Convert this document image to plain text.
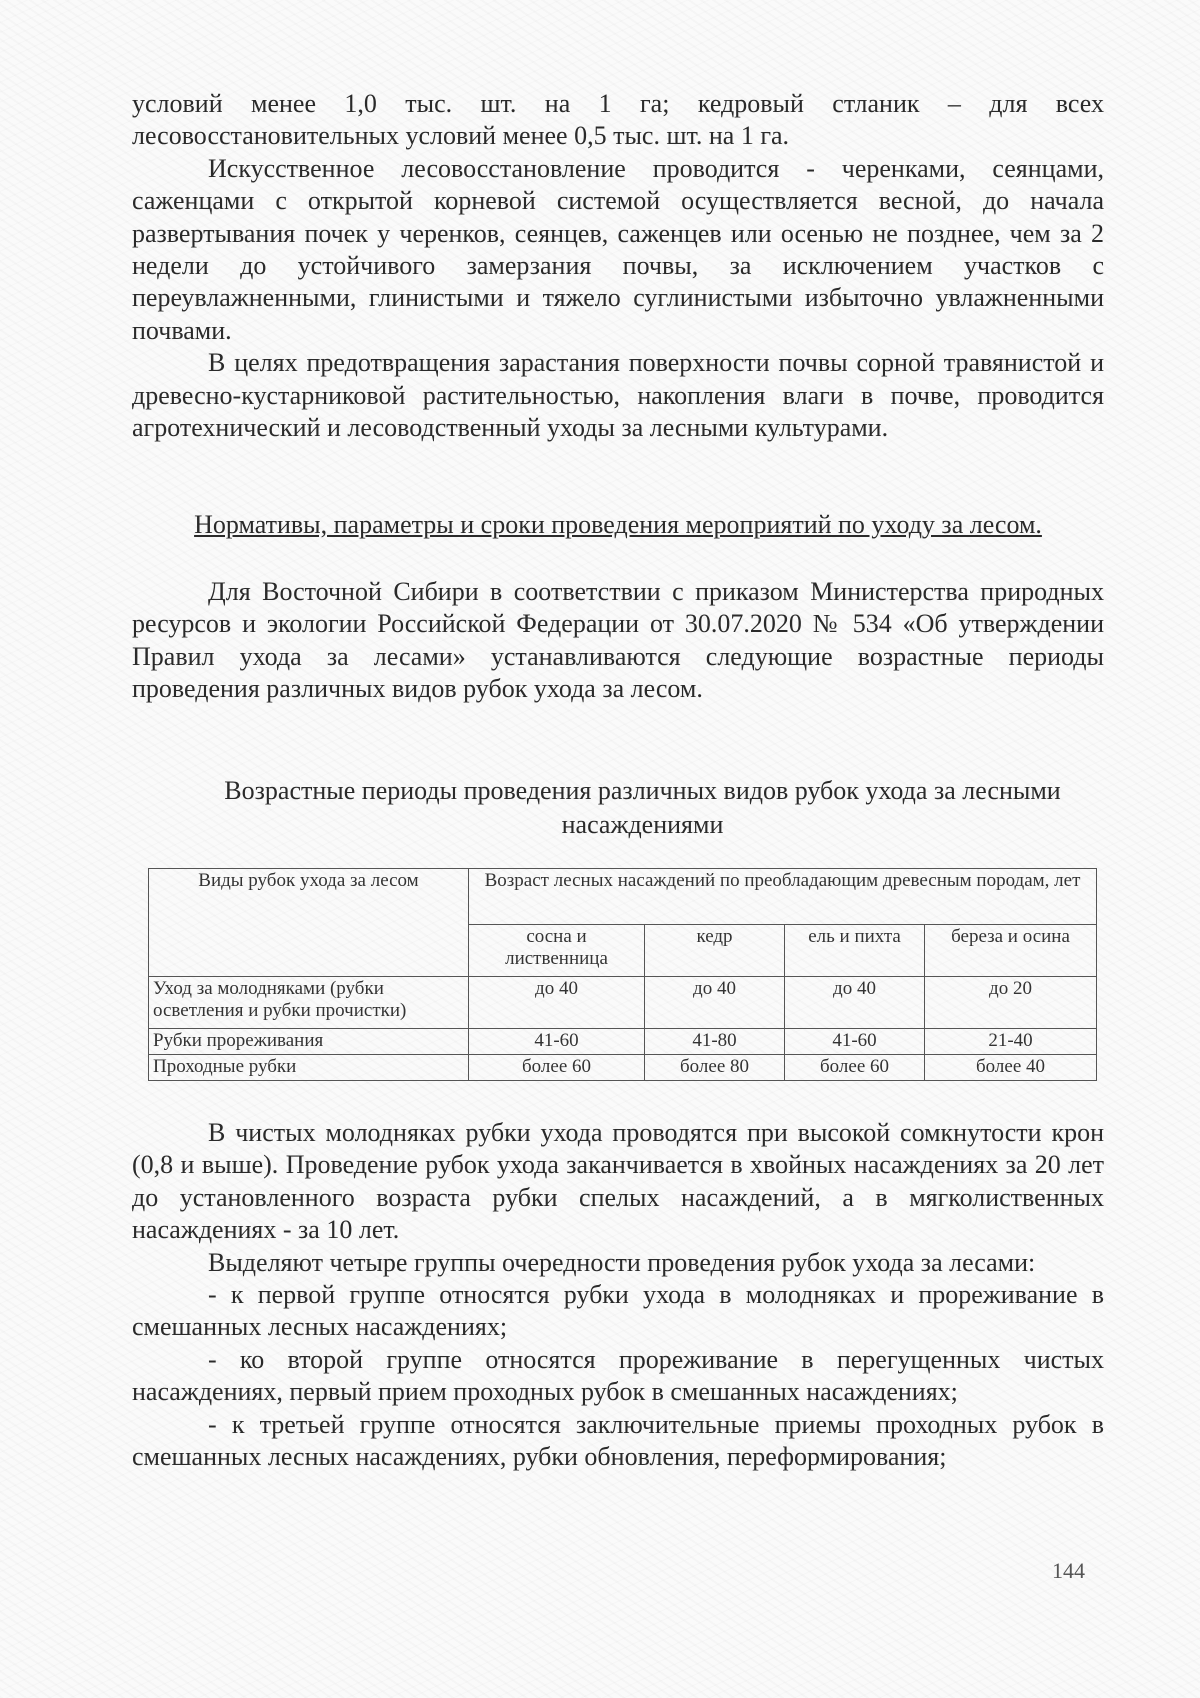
условий менее 1,0 тыс. шт. на 1 га; кедровый стланик – для всех лесовосстановительных условий менее 0,5 тыс. шт. на 1 га.

Искусственное лесовосстановление проводится - черенками, сеянцами, саженцами с открытой корневой системой осуществляется весной, до начала развертывания почек у черенков, сеянцев, саженцев или осенью не позднее, чем за 2 недели до устойчивого замерзания почвы, за исключением участков с переувлажненными, глинистыми и тяжело суглинистыми избыточно увлажненными почвами.

В целях предотвращения зарастания поверхности почвы сорной травянистой и древесно-кустарниковой растительностью, накопления влаги в почве, проводится агротехнический и лесоводственный уходы за лесными культурами.

Нормативы, параметры и сроки проведения мероприятий по уходу за лесом.

Для Восточной Сибири в соответствии с приказом Министерства природных ресурсов и экологии Российской Федерации от 30.07.2020 № 534 «Об утверждении Правил ухода за лесами» устанавливаются следующие возрастные периоды проведения различных видов рубок ухода за лесом.

Возрастные периоды проведения различных видов рубок ухода за лесными насаждениями
Виды рубок ухода за лесом	Возраст лесных насаждений по преобладающим древесным породам, лет			
	сосна и лиственница	кедр	ель и пихта	береза и осина
Уход за молодняками (рубки осветления и рубки прочистки)	до 40	до 40	до 40	до 20
Рубки прореживания	41-60	41-80	41-60	21-40
Проходные рубки	более 60	более 80	более 60	более 40

В чистых молодняках рубки ухода проводятся при высокой сомкнутости крон (0,8 и выше). Проведение рубок ухода заканчивается в хвойных насаждениях за 20 лет до установленного возраста рубки спелых насаждений, а в мягколиственных насаждениях - за 10 лет.

Выделяют четыре группы очередности проведения рубок ухода за лесами:

- к первой группе относятся рубки ухода в молодняках и прореживание в смешанных лесных насаждениях;

- ко второй группе относятся прореживание в перегущенных чистых насаждениях, первый прием проходных рубок в смешанных насаждениях;

- к третьей группе относятся заключительные приемы проходных рубок в смешанных лесных насаждениях, рубки обновления, переформирования;

144
